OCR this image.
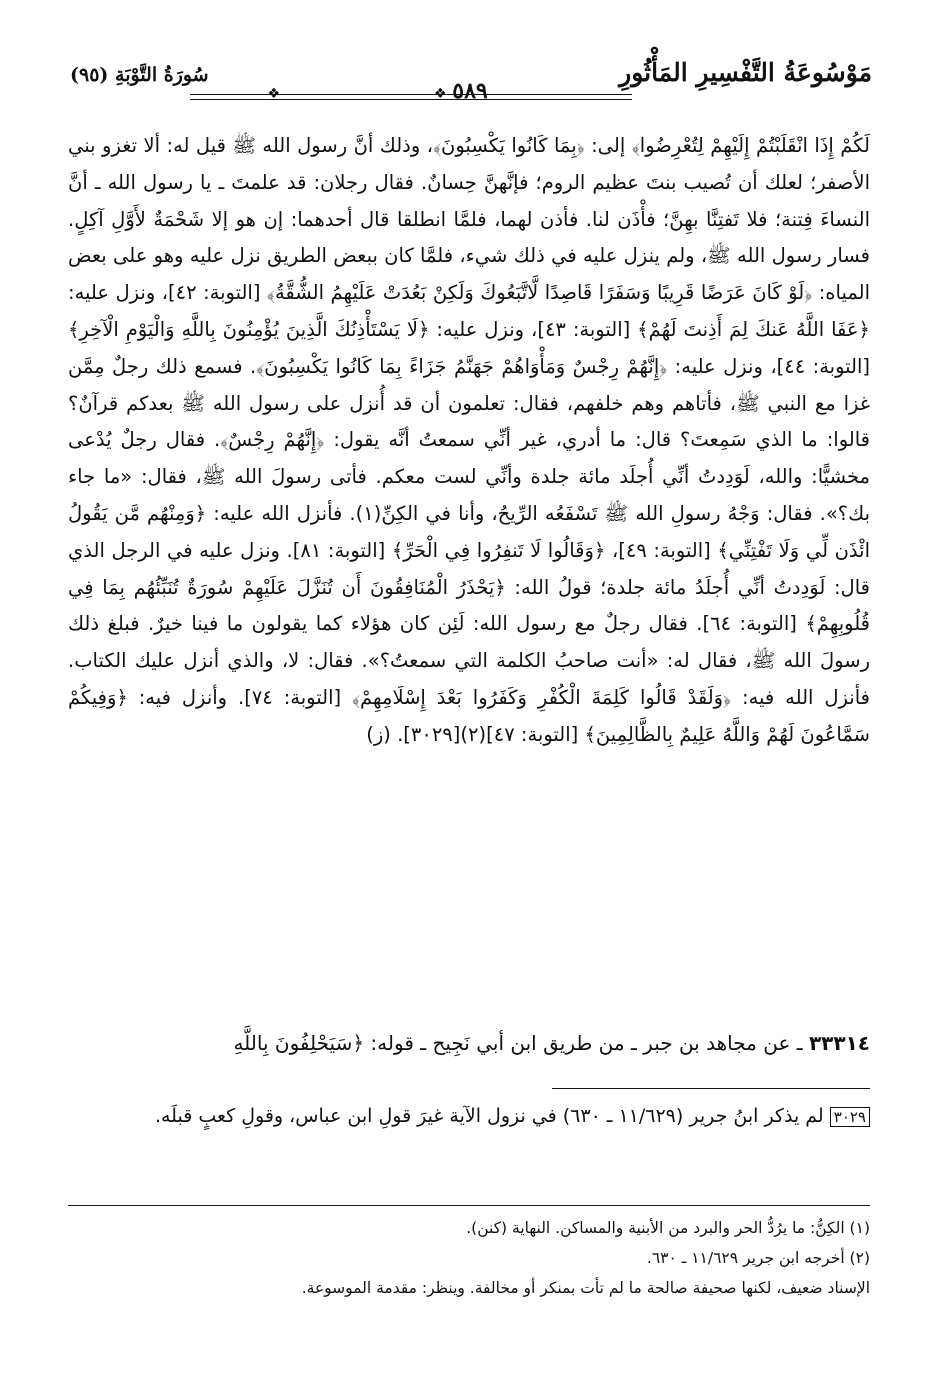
مَوْسُوعَةُ التَّفْسِيرِ المَأْثُورِ
❖	٥٨٩
❖
سُورَةُ التَّوْبَةِ (٩٥)

لَكُمْ إِذَا انْقَلَبْتُمْ إِلَيْهِمْ لِتُعْرِضُوا﴾ إلى: ﴿بِمَا كَانُوا يَكْسِبُونَ﴾، وذلك أنَّ رسول الله ﷺ قيل له: ألا تغزو بني الأصفر؛ لعلك أن تُصيب بنتَ عظيم الروم؛ فإنَّهنَّ حِسانٌ. فقال رجلان: قد علمتَ ـ يا رسول الله ـ أنَّ النساءَ فِتنة؛ فلا تَفتِنَّا بهِنَّ؛ فأْذَن لنا. فأذن لهما، فلمَّا انطلقا قال أحدهما: إن هو إلا شَحْمَةٌ لأَوَّلِ آكِلٍ. فسار رسول الله ﷺ، ولم ينزل عليه في ذلك شيء، فلمَّا كان ببعض الطريق نزل عليه وهو على بعض المياه: ﴿لَوْ كَانَ عَرَضًا قَرِيبًا وَسَفَرًا قَاصِدًا لَّاتَّبَعُوكَ وَلَكِنْ بَعُدَتْ عَلَيْهِمُ الشُّقَّةُ﴾ [التوبة: ٤٢]، ونزل عليه: ﴿عَفَا اللَّهُ عَنكَ لِمَ أَذِنتَ لَهُمْ﴾ [التوبة: ٤٣]، ونزل عليه: ﴿لَا يَسْتَأْذِنُكَ الَّذِينَ يُؤْمِنُونَ بِاللَّهِ وَالْيَوْمِ الْآخِرِ﴾ [التوبة: ٤٤]، ونزل عليه: ﴿إِنَّهُمْ رِجْسٌ وَمَأْوَاهُمْ جَهَنَّمُ جَزَاءً بِمَا كَانُوا يَكْسِبُونَ﴾. فسمع ذلك رجلٌ مِمَّن غزا مع النبي ﷺ، فأتاهم وهم خلفهم، فقال: تعلمون أن قد أُنزل على رسول الله ﷺ بعدكم قرآنٌ؟ قالوا: ما الذي سَمِعتَ؟ قال: ما أدري، غير أنِّي سمعتُ أنَّه يقول: ﴿إِنَّهُمْ رِجْسٌ﴾. فقال رجلٌ يُدْعى مخشيًّا: والله، لَوَدِدتُ أنِّي أُجلَد مائة جلدة وأنِّي لست معكم. فأتى رسولَ الله ﷺ، فقال: «ما جاء بك؟». فقال: وَجْهُ رسولِ الله ﷺ تَسْفَعُه الرِّيحُ، وأنا في الكِنِّ(١). فأنزل الله عليه: ﴿وَمِنْهُم مَّن يَقُولُ ائْذَن لِّي وَلَا تَفْتِنِّي﴾ [التوبة: ٤٩]، ﴿وَقَالُوا لَا تَنفِرُوا فِي الْحَرِّ﴾ [التوبة: ٨١]. ونزل عليه في الرجل الذي قال: لَوَدِدتُ أنِّي أُجلَدُ مائة جلدة؛ قولُ الله: ﴿يَحْذَرُ الْمُنَافِقُونَ أَن تُنَزَّلَ عَلَيْهِمْ سُورَةٌ تُنَبِّئُهُم بِمَا فِي قُلُوبِهِمْ﴾ [التوبة: ٦٤]. فقال رجلٌ مع رسول الله: لَئِن كان هؤلاء كما يقولون ما فينا خيرٌ. فبلغ ذلك رسولَ الله ﷺ، فقال له: «أنت صاحبُ الكلمة التي سمعتُ؟». فقال: لا، والذي أنزل عليك الكتاب. فأنزل الله فيه: ﴿وَلَقَدْ قَالُوا كَلِمَةَ الْكُفْرِ وَكَفَرُوا بَعْدَ إِسْلَامِهِمْ﴾ [التوبة: ٧٤]. وأنزل فيه: ﴿وَفِيكُمْ سَمَّاعُونَ لَهُمْ وَاللَّهُ عَلِيمٌ بِالظَّالِمِينَ﴾ [التوبة: ٤٧](٢)[٣٠٢٩]. (ز)

٣٣٣١٤ ـ عن مجاهد بن جبر ـ من طريق ابن أبي نَجِيح ـ قوله: ﴿سَيَحْلِفُونَ بِاللَّهِ

٣٠٢٩ لم يذكر ابنُ جرير (١١/٦٢٩ ـ ٦٣٠) في نزول الآية غيرَ قولِ ابن عباس، وقولِ كعبٍ قبلَه.

(١) الكِنُّ: ما يرُدُّ الحر والبرد من الأبنية والمساكن. النهاية (كنن).

(٢) أخرجه ابن جرير ١١/٦٢٩ ـ ٦٣٠.

الإسناد ضعيف، لكنها صحيفة صالحة ما لم تأت بمنكر أو مخالفة. وينظر: مقدمة الموسوعة.
